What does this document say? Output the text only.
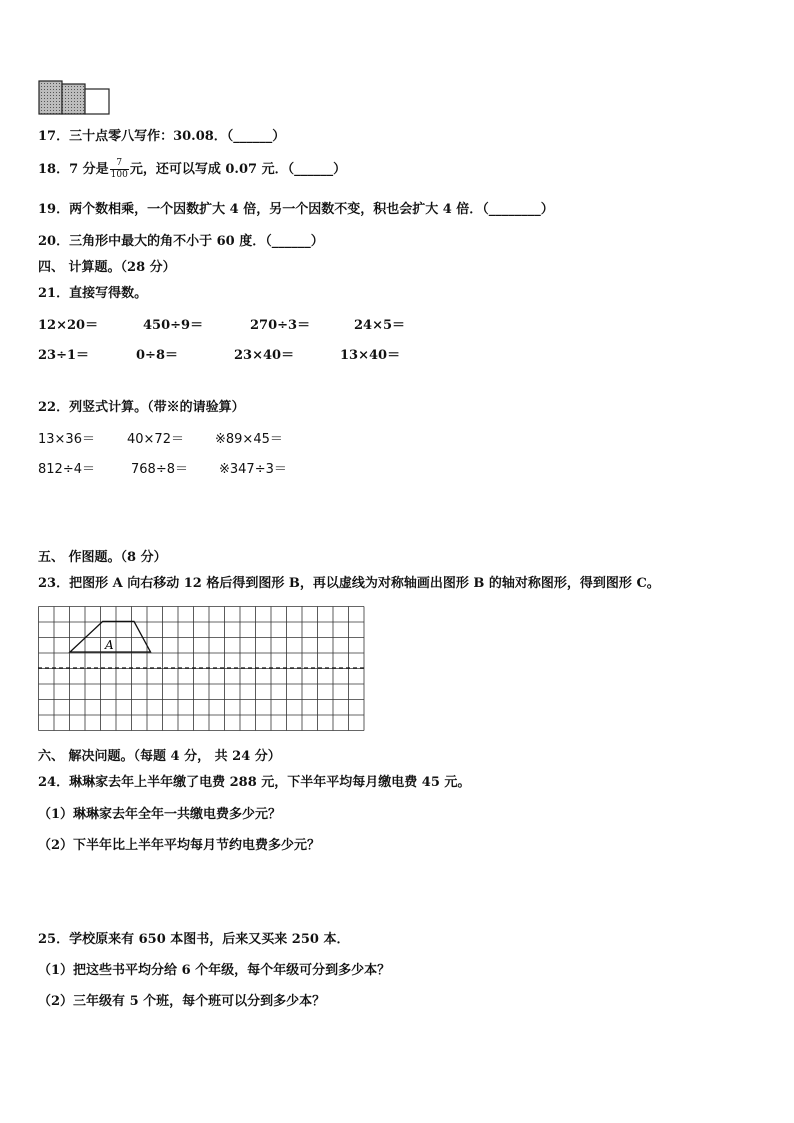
17．三十点零八写作：30.08．（______）
18．7 分是 $\frac{7}{100}$ 元，还可以写成 0.07 元．（______）
19．两个数相乘，一个因数扩大 4 倍，另一个因数不变，积也会扩大 4 倍．（________）
20．三角形中最大的角不小于 60 度．（______）
四、 计算题。（28 分）
21．直接写得数。
12×20＝	450÷9＝	270÷3＝	24×5＝
23÷1＝	0÷8＝	23×40＝	13×40＝
22．列竖式计算。（带※的请验算）
13×36＝ 40×72＝ ※89×45＝
812÷4＝	768÷8＝ ※347÷3＝
五、 作图题。（8 分）
23．把图形 A 向右移动 12 格后得到图形 B，再以虚线为对称轴画出图形 B 的轴对称图形，得到图形 C。
A
六、 解决问题。（每题 4 分， 共 24 分）
24．琳琳家去年上半年缴了电费 288 元，下半年平均每月缴电费 45 元。
（1）琳琳家去年全年一共缴电费多少元？
（2）下半年比上半年平均每月节约电费多少元？
25．学校原来有 650 本图书，后来又买来 250 本．
（1）把这些书平均分给 6 个年级，每个年级可分到多少本？
（2）三年级有 5 个班，每个班可以分到多少本？
